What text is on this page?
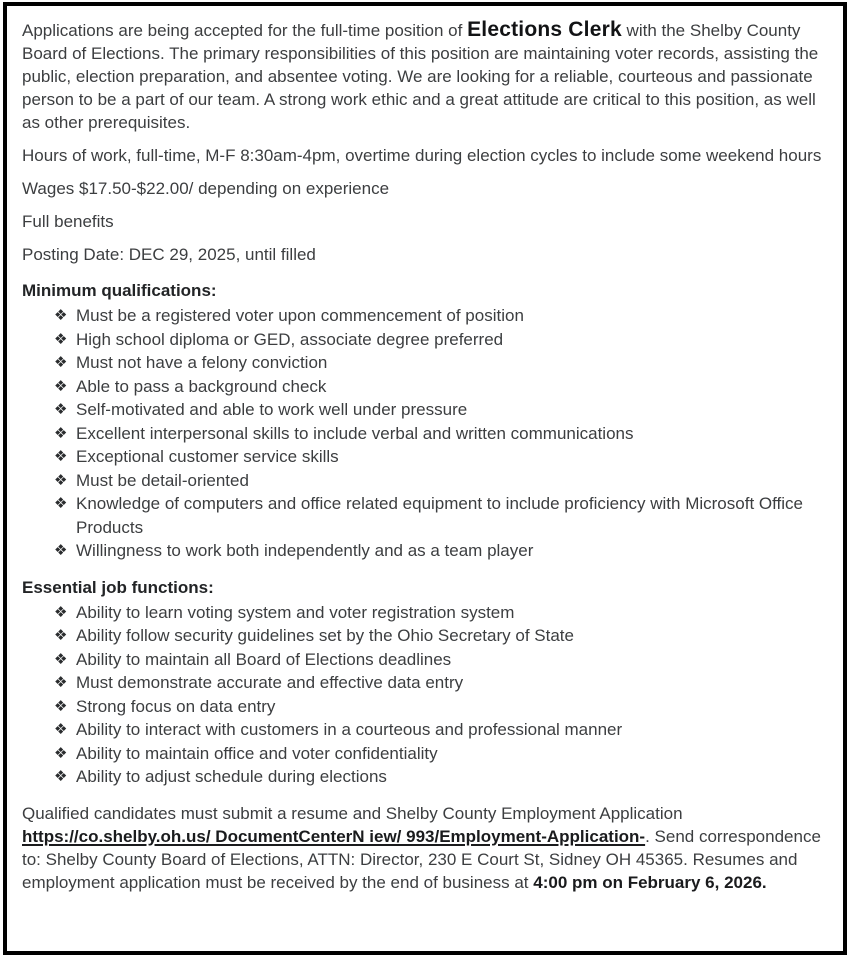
Applications are being accepted for the full-time position of Elections Clerk with the Shelby County Board of Elections. The primary responsibilities of this position are maintaining voter records, assisting the public, election preparation, and absentee voting. We are looking for a reliable, courteous and passionate person to be a part of our team. A strong work ethic and a great attitude are critical to this position, as well as other prerequisites.

Hours of work, full-time, M-F 8:30am-4pm, overtime during election cycles to include some weekend hours

Wages $17.50-$22.00/ depending on experience

Full benefits

Posting Date: DEC 29, 2025, until filled

Minimum qualifications:
❖ Must be a registered voter upon commencement of position
❖ High school diploma or GED, associate degree preferred
❖ Must not have a felony conviction
❖ Able to pass a background check
❖ Self-motivated and able to work well under pressure
❖ Excellent interpersonal skills to include verbal and written communications
❖ Exceptional customer service skills
❖ Must be detail-oriented
❖ Knowledge of computers and office related equipment to include proficiency with Microsoft Office Products
❖ Willingness to work both independently and as a team player
Essential job functions:
❖ Ability to learn voting system and voter registration system
❖ Ability follow security guidelines set by the Ohio Secretary of State
❖ Ability to maintain all Board of Elections deadlines
❖ Must demonstrate accurate and effective data entry
❖ Strong focus on data entry
❖ Ability to interact with customers in a courteous and professional manner
❖ Ability to maintain office and voter confidentiality
❖ Ability to adjust schedule during elections

Qualified candidates must submit a resume and Shelby County Employment Application https://co.shelby.oh.us/ DocumentCenterN iew/ 993/Employment-Application-. Send correspondence to: Shelby County Board of Elections, ATTN: Director, 230 E Court St, Sidney OH 45365. Resumes and employment application must be received by the end of business at 4:00 pm on February 6, 2026.
